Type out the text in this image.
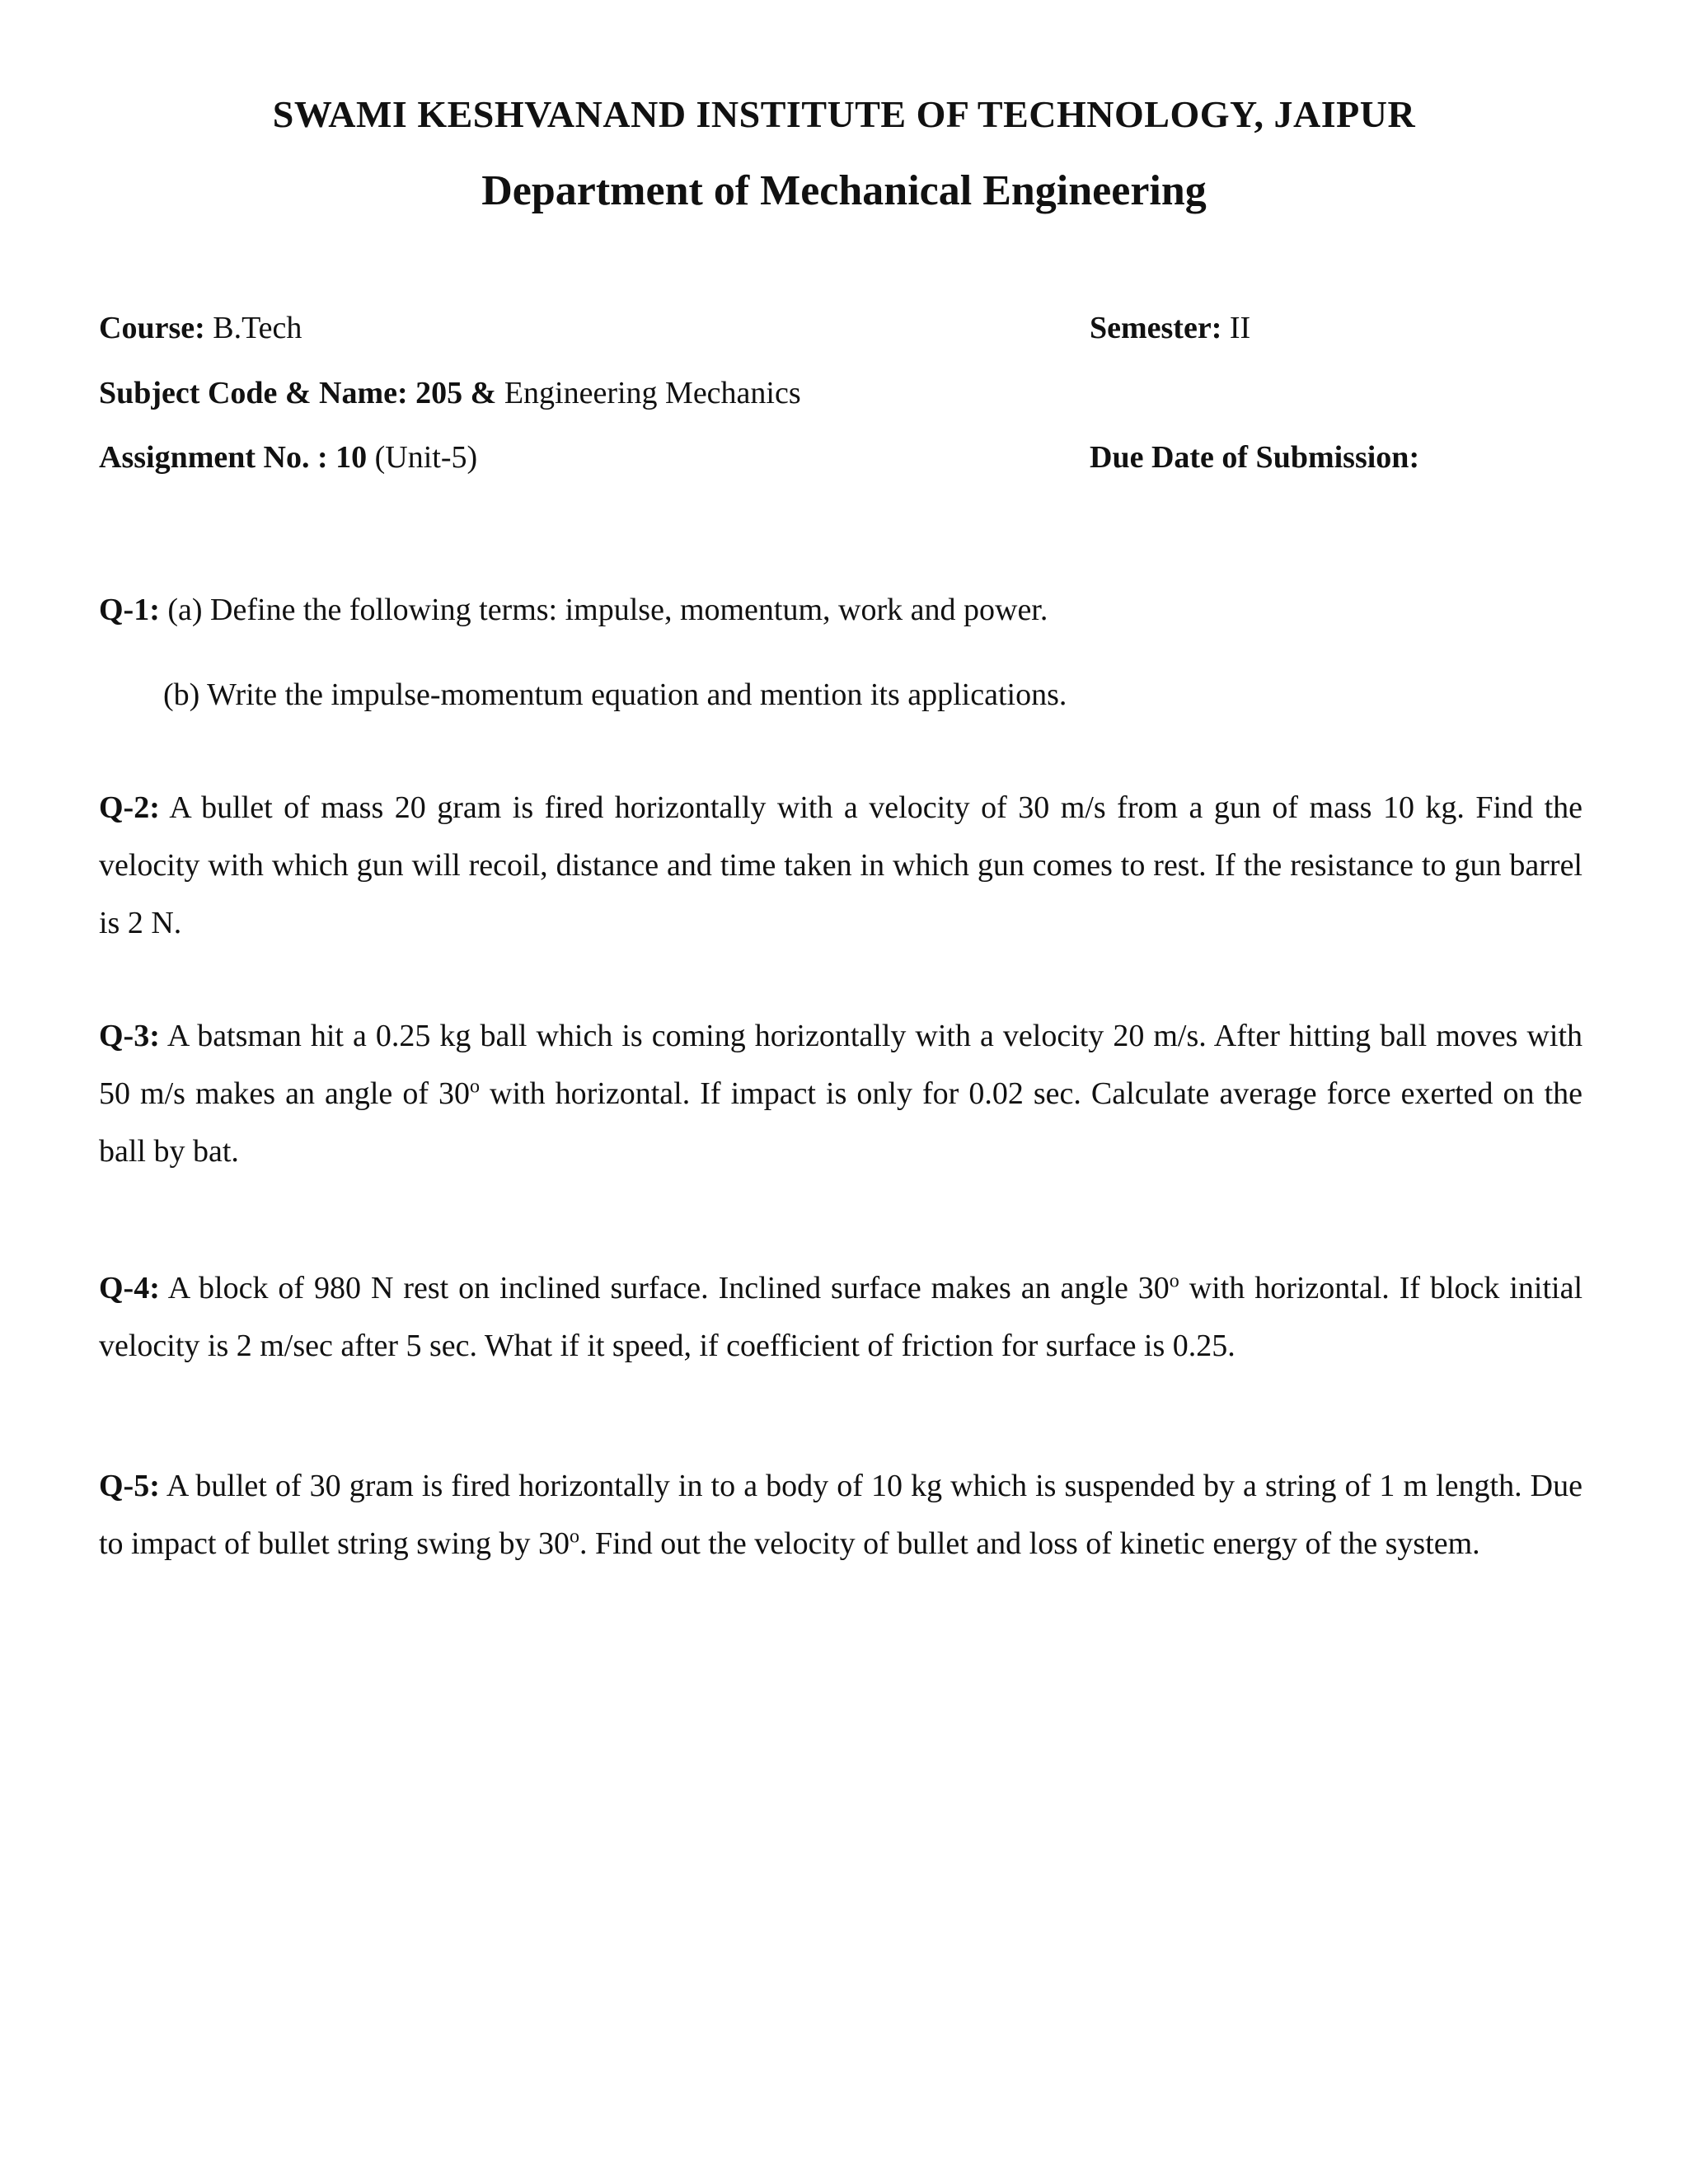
SWAMI KESHVANAND INSTITUTE OF TECHNOLOGY, JAIPUR
Department of Mechanical Engineering
Course: B.Tech	Semester: II
Subject Code & Name: 205 & Engineering Mechanics
Assignment No. : 10 (Unit-5)	Due Date of Submission:
Q-1: (a) Define the following terms: impulse, momentum, work and power.
(b) Write the impulse-momentum equation and mention its applications.
Q-2: A bullet of mass 20 gram is fired horizontally with a velocity of 30 m/s from a gun of mass 10 kg. Find the velocity with which gun will recoil, distance and time taken in which gun comes to rest. If the resistance to gun barrel is 2 N.
Q-3: A batsman hit a 0.25 kg ball which is coming horizontally with a velocity 20 m/s. After hitting ball moves with 50 m/s makes an angle of 30$^o$ with horizontal. If impact is only for 0.02 sec. Calculate average force exerted on the ball by bat.
Q-4: A block of 980 N rest on inclined surface. Inclined surface makes an angle 30$^o$ with horizontal. If block initial velocity is 2 m/sec after 5 sec. What if it speed, if coefficient of friction for surface is 0.25.
Q-5: A bullet of 30 gram is fired horizontally in to a body of 10 kg which is suspended by a string of 1 m length. Due to impact of bullet string swing by 30$^o$. Find out the velocity of bullet and loss of kinetic energy of the system.
